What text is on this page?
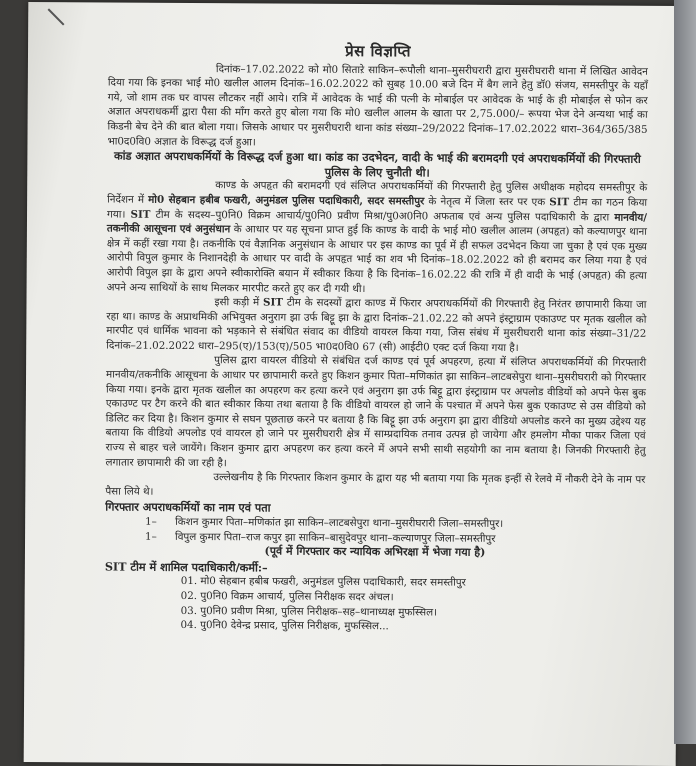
प्रेस विज्ञप्ति

दिनांक–17.02.2022 को मो0 सिताऱे साकिन–रूपौली थाना–मुसरीघरारी द्वारा मुसरीघरारी थाना में लिखित आवेदन दिया गया कि इनका भाई मो0 खलील आलम दिनांक–16.02.2022 को सुबह 10.00 बजे दिन में बैग लाने हेतु डॉ0 संजय, समस्तीपुर के यहाँ गये, जो शाम तक घर वापस लौटकर नहीं आये। रात्रि में आवेदक के भाई की पत्नी के मोबाईल पर आवेदक के भाई के ही मोबाईल से फोन कर अज्ञात अपराधकर्मी द्वारा पैसा की माँग करते हुए बोला गया कि मो0 खलील आलम के खाता पर 2,75.000/– रूपया भेज देने अन्यथा भाई का किडनी बेच देने की बात बोला गया। जिसके आधार पर मुसरीघरारी थाना कांड संख्या–29/2022 दिनांक–17.02.2022 धारा–364/365/385 भा0द0वि0 अज्ञात के विरूद्ध दर्ज हुआ।

कांड अज्ञात अपराधकर्मियों के विरूद्ध दर्ज हुआ था। कांड का उदभेदन, वादी के भाई की बरामदगी एवं अपराधकर्मियों की गिरफ्तारी पुलिस के लिए चुनौती थी।

काण्ड के अपहृत की बरामदगी एवं संलिप्त अपराधकर्मियों की गिरफ्तारी हेतु पुलिस अधीक्षक महोदय समस्तीपुर के निर्देशन में मो0 सेहबान हबीब फखरी, अनुमंडल पुलिस पदाधिकारी, सदर समस्तीपुर के नेतृत्व में जिला स्तर पर एक SIT टीम का गठन किया गया। SIT टीम के सदस्य–पु0नि0 विक्रम आचार्य/पु0नि0 प्रवीण मिश्रा/पु0अ0नि0 अफताब एवं अन्य पुलिस पदाधिकारी के द्वारा मानवीय/तकनीकी आसूचना एवं अनुसंधान के आधार पर यह सूचना प्राप्त हुई कि काण्ड के वादी के भाई मो0 खलील आलम (अपहृत) को कल्याणपुर थाना क्षेत्र में कहीं रखा गया है। तकनीकि एवं वैज्ञानिक अनुसंधान के आधार पर इस काण्ड का पूर्व में ही सफल उदभेदन किया जा चुका है एवं एक मुख्य आरोपी विपुल कुमार के निशानदेही के आधार पर वादी के अपहृत भाई का शव भी दिनांक–18.02.2022 को ही बरामद कर लिया गया है एवं आरोपी विपुल झा के द्वारा अपने स्वीकारोक्ति बयान में स्वीकार किया है कि दिनांक–16.02.22 की रात्रि में ही वादी के भाई (अपहृत) की हत्या अपने अन्य साथियों के साथ मिलकर मारपीट करते हुए कर दी गयी थी।

इसी कड़ी में SIT टीम के सदस्यों द्वारा काण्ड में फिरार अपराधकर्मियों की गिरफ्तारी हेतु निरंतर छापामारी किया जा रहा था। काण्ड के अप्राथमिकी अभियुक्त अनुराग झा उर्फ बिट्टू झा के द्वारा दिनांक–21.02.22 को अपने इंस्ट्राग्राम एकाउण्ट पर मृतक खलील को मारपीट एवं धार्मिक भावना को भड़काने से संबंधित संवाद का वीडियो वायरल किया गया, जिस संबंध में मुसरीघरारी थाना कांड संख्या–31/22 दिनांक–21.02.2022 धारा–295(ए)/153(ए)/505 भा0द0वि0 67 (सी) आईटी0 एक्ट दर्ज किया गया है।

पुलिस द्वारा वायरल वीडियो से संबंधित दर्ज काण्ड एवं पूर्व अपहरण, हत्या में संलिप्त अपराधकर्मियों की गिरफ्तारी मानवीय/तकनीकि आसूचना के आधार पर छापामारी करते हुए किशन कुमार पिता–मणिकांत झा साकिन–लाटबसेपुरा थाना–मुसरीघरारी को गिरफ्तार किया गया। इनके द्वारा मृतक खलील का अपहरण कर हत्या करने एवं अनुराग झा उर्फ बिट्टू द्वारा इंस्ट्राग्राम पर अपलोड वीडियों को अपने फेस बुक एकाउण्ट पर टैग करने की बात स्वीकार किया तथा बताया है कि वीडियो वायरल हो जाने के पश्चात में अपने फेस बुक एकाउण्ट से उस वीडियो को डिलिट कर दिया है। किशन कुमार से सघन पूछताछ करने पर बताया है कि बिट्टू झा उर्फ अनुराग झा द्वारा वीडियो अपलोड करने का मुख्य उद्देश्य यह बताया कि वीडियो अपलोड एवं वायरल हो जाने पर मुसरीघरारी क्षेत्र में साम्प्रदायिक तनाव उत्पन्न हो जायेगा और हमलोग मौका पाकर जिला एवं राज्य से बाहर चले जायेंगे। किशन कुमार द्वारा अपहरण कर हत्या करने में अपने सभी साथी सहयोगी का नाम बताया है। जिनकी गिरफ्तारी हेतु लगातार छापामारी की जा रही है।

उल्लेखनीय है कि गिरफ्तार किशन कुमार के द्वारा यह भी बताया गया कि मृतक इन्हीं से रेलवे में नौकरी देने के नाम पर पैसा लिये थे।

गिरफ्तार अपराधकर्मियों का नाम एवं पता

1– किशन कुमार पिता–मणिकांत झा साकिन–लाटबसेपुरा थाना–मुसरीघरारी जिला–समस्तीपुर।

1– विपुल कुमार पिता–राज कपुर झा साकिन–बासुदेवपुर थाना–कल्याणपुर जिला–समस्तीपुर

(पूर्व में गिरफ्तार कर न्यायिक अभिरक्षा में भेजा गया है)
SIT टीम में शामिल पदाधिकारी/कर्मी:–

01. मो0 सेहबान हबीब फखरी, अनुमंडल पुलिस पदाधिकारी, सदर समस्तीपुर

02. पु0नि0 विक्रम आचार्य, पुलिस निरीक्षक सदर अंचल।

03. पु0नि0 प्रवीण मिश्रा, पुलिस निरीक्षक–सह–थानाध्यक्ष मुफस्सिल।

04. पु0नि0 देवेन्द्र प्रसाद, पुलिस निरीक्षक, मुफस्सिल...
